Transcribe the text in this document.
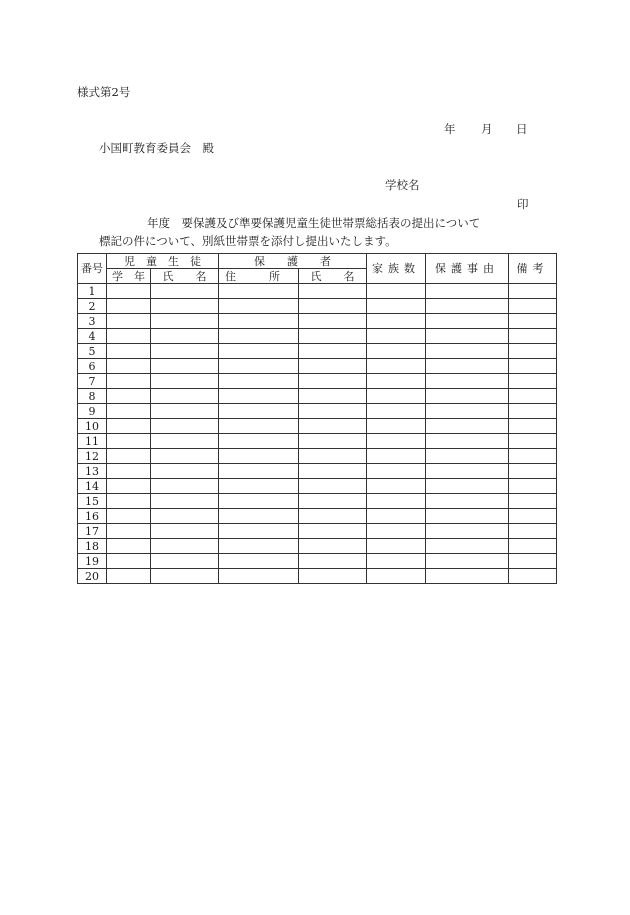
様式第2号
年 月 日
小国町教育委員会　殿
学校名
印
年度　要保護及び準要保護児童生徒世帯票総括表の提出について
標記の件について、別紙世帯票を添付し提出いたします。
番号	児　童　生　徒		保　　護　　者		家族数	保護事由	備考
	学　年	氏　　名	住　　　所	氏　　名			
1							
2							
3							
4							
5							
6							
7							
8							
9							
10							
11							
12							
13							
14							
15							
16							
17							
18							
19							
20							
